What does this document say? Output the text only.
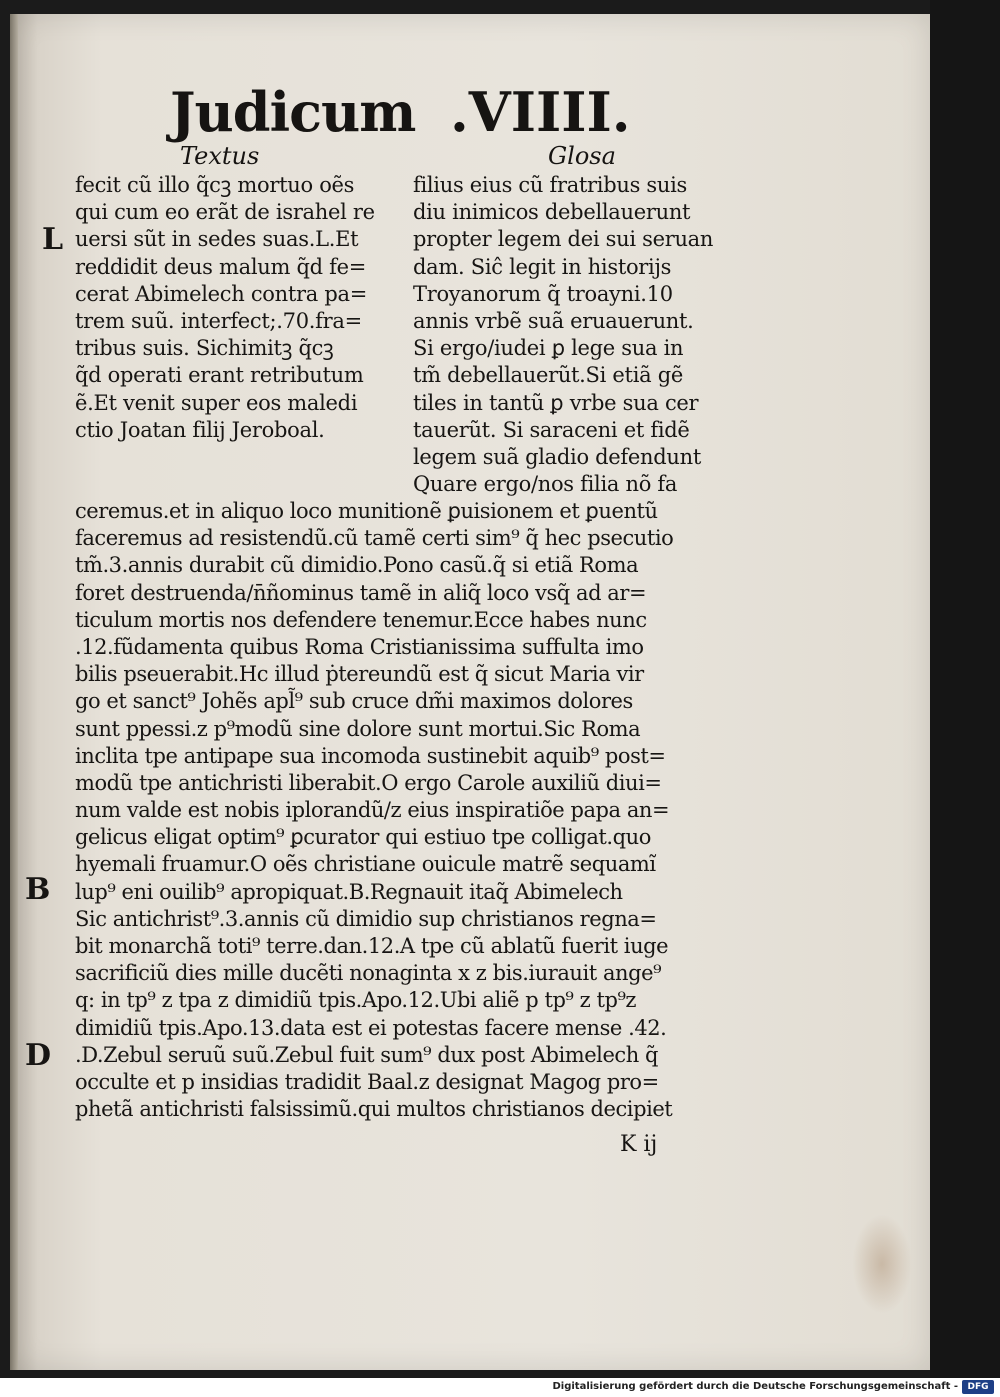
Judicum .VIIII.
Textus	Glosa
L
B
D
fecit cũ illo q̃cꝫ mortuo oẽs
qui cum eo erãt de israhel re
uersi sũt in sedes suas.L.Et
reddidit deus malum q̃d fe=
cerat Abimelech contra pa=
trem suũ. interfect;.70.fra=
tribus suis. Sichimitꝫ q̃cꝫ
q̃d operati erant retributum
ẽ.Et venit super eos maledi
ctio Joatan filij Jeroboal.
filius eius cũ fratribus suis
diu inimicos debellauerunt
propter legem dei sui seruan
dam. Siĉ legit in historijs
Troyanorum q̃ troayni.10
annis vrbẽ suã eruauerunt.
Si ergo/iudei ꝑ lege sua in
tm̃ debellauerũt.Si etiã gẽ
tiles in tantũ ꝑ vrbe sua cer
tauerũt. Si saraceni et fidẽ
legem suã gladio defendunt
Quare ergo/nos filia nõ fa
ceremus.et in aliquo loco munitionẽ ꝑuisionem et ꝑuentũ
faceremus ad resistendũ.cũ tamẽ certi sim⁹ q̃ hec psecutio
tm̃.3.annis durabit cũ dimidio.Pono casũ.q̃ si etiã Roma
foret destruenda/n̄ñominus tamẽ in aliq̃ loco vsq̃ ad ar=
ticulum mortis nos defendere tenemur.Ecce habes nunc
.12.fũdamenta quibus Roma Cristianissima suffulta imo
bilis pseuerabit.Hc illud ṗtereundũ est q̃ sicut Maria vir
go et sanct⁹ Johẽs apl̃⁹ sub cruce dm̃i maximos dolores
sunt ppessi.z p⁹modũ sine dolore sunt mortui.Sic Roma
inclita tpe antipape sua incomoda sustinebit aquib⁹ post=
modũ tpe antichristi liberabit.O ergo Carole auxiliũ diui=
num valde est nobis iplorandũ/z eius inspiratiõe papa an=
gelicus eligat optim⁹ ꝑcurator qui estiuo tpe colligat.quo
hyemali fruamur.O oẽs christiane ouicule matrẽ sequamĩ
lup⁹ eni ouilib⁹ apropiquat.B.Regnauit itaq̃ Abimelech
Sic antichrist⁹.3.annis cũ dimidio sup christianos regna=
bit monarchã toti⁹ terre.dan.12.A tpe cũ ablatũ fuerit iuge
sacrificiũ dies mille ducẽti nonaginta x z bis.iurauit ange⁹
q: in tp⁹ z tpa z dimidiũ tpis.Apo.12.Ubi aliẽ p tp⁹ z tp⁹z
dimidiũ tpis.Apo.13.data est ei potestas facere mense .42.
.D.Zebul seruũ suũ.Zebul fuit sum⁹ dux post Abimelech q̃
occulte et p insidias tradidit Baal.z designat Magog pro=
phetã antichristi falsissimũ.qui multos christianos decipiet
K ij
Digitalisierung gefördert durch die Deutsche Forschungsgemeinschaft -	DFG
